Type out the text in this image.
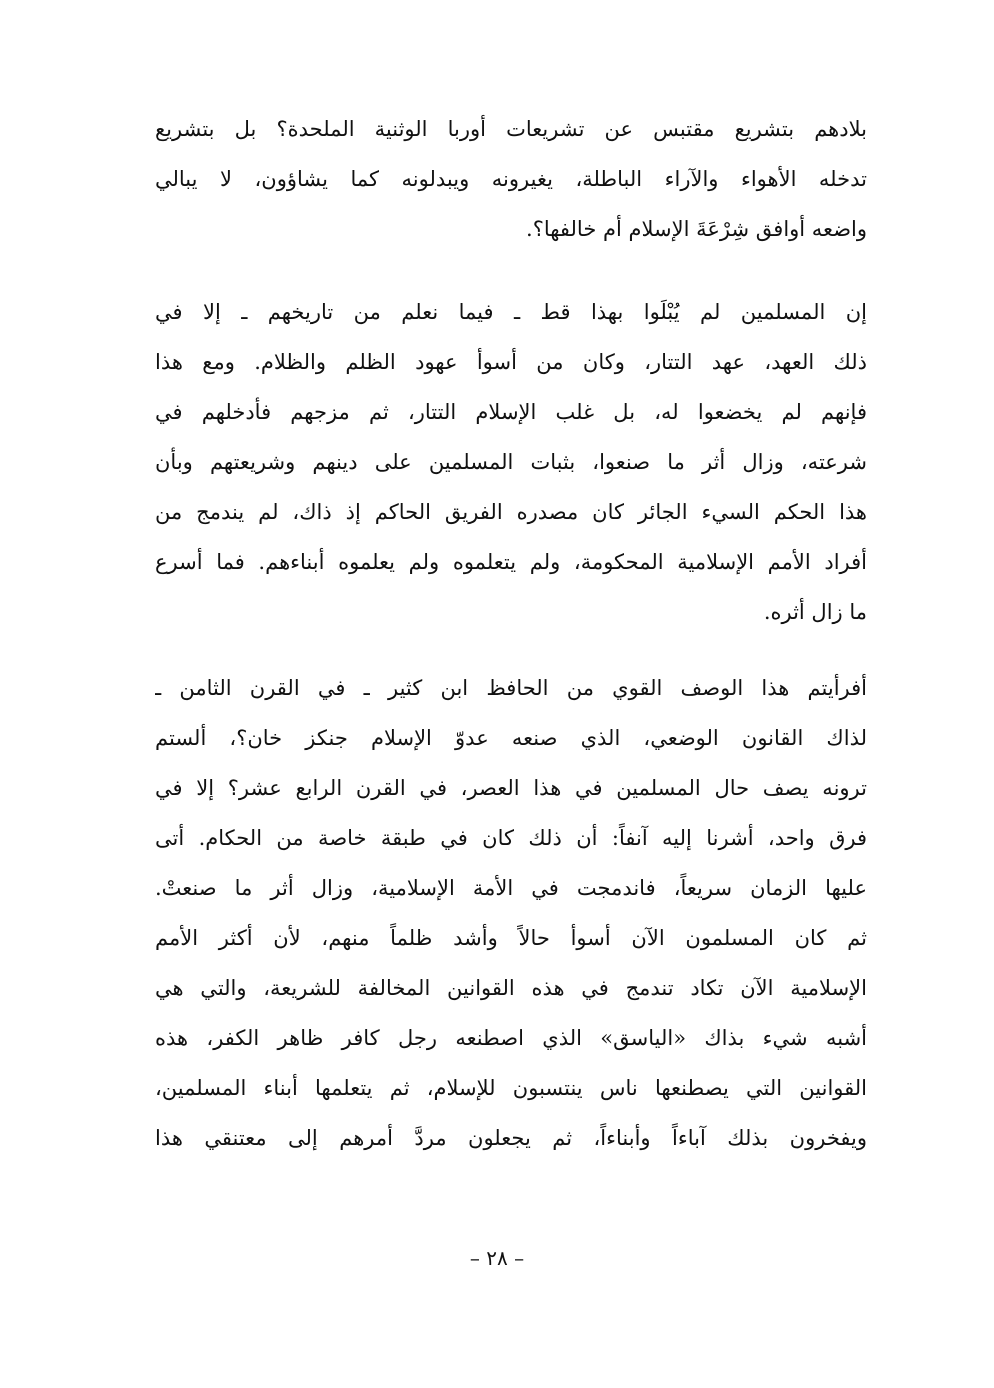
بلادهم بتشريع مقتبس عن تشريعات أوربا الوثنية الملحدة؟ بل بتشريع
تدخله الأهواء والآراء الباطلة، يغيرونه ويبدلونه كما يشاؤون، لا يبالي
واضعه أوافق شِرْعَةَ الإسلام أم خالفها؟.
إن المسلمين لم يُبْلَوا بهذا قط ـ فيما نعلم من تاريخهم ـ إلا في
ذلك العهد، عهد التتار، وكان من أسوأ عهود الظلم والظلام. ومع هذا
فإنهم لم يخضعوا له، بل غلب الإسلام التتار، ثم مزجهم فأدخلهم في
شرعته، وزال أثر ما صنعوا، بثبات المسلمين على دينهم وشريعتهم وبأن
هذا الحكم السيء الجائر كان مصدره الفريق الحاكم إذ ذاك، لم يندمج من
أفراد الأمم الإسلامية المحكومة، ولم يتعلموه ولم يعلموه أبناءهم. فما أسرع
ما زال أثره.
أفرأيتم هذا الوصف القوي من الحافظ ابن كثير ـ في القرن الثامن ـ
لذاك القانون الوضعي، الذي صنعه عدوّ الإسلام جنكز خان؟، ألستم
ترونه يصف حال المسلمين في هذا العصر، في القرن الرابع عشر؟ إلا في
فرق واحد، أشرنا إليه آنفاً: أن ذلك كان في طبقة خاصة من الحكام. أتى
عليها الزمان سريعاً، فاندمجت في الأمة الإسلامية، وزال أثر ما صنعتْ.
ثم كان المسلمون الآن أسوأ حالاً وأشد ظلماً منهم، لأن أكثر الأمم
الإسلامية الآن تكاد تندمج في هذه القوانين المخالفة للشريعة، والتي هي
أشبه شيء بذاك «الياسق» الذي اصطنعه رجل كافر ظاهر الكفر، هذه
القوانين التي يصطنعها ناس ينتسبون للإسلام، ثم يتعلمها أبناء المسلمين،
ويفخرون بذلك آباءاً وأبناءاً، ثم يجعلون مردَّ أمرهم إلى معتنقي هذا
– ٢٨ –
